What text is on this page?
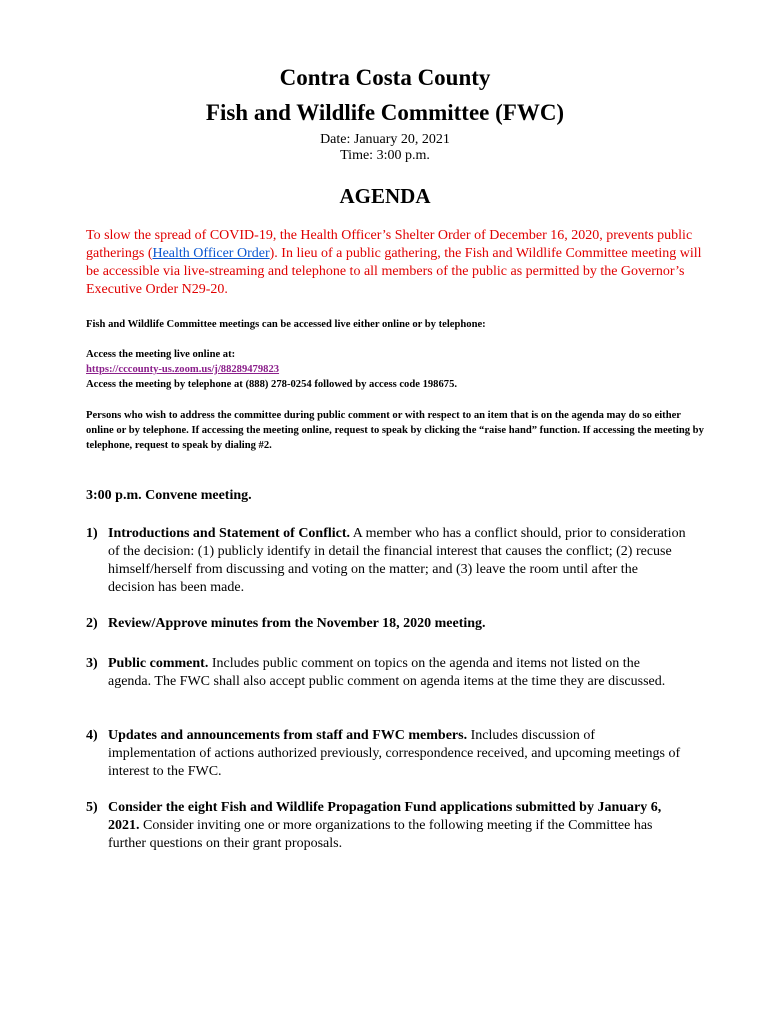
Contra Costa County
Fish and Wildlife Committee (FWC)
Date: January 20, 2021
Time: 3:00 p.m.
AGENDA
To slow the spread of COVID-19, the Health Officer’s Shelter Order of December 16, 2020, prevents public gatherings (Health Officer Order). In lieu of a public gathering, the Fish and Wildlife Committee meeting will be accessible via live-streaming and telephone to all members of the public as permitted by the Governor’s Executive Order N29-20.
Fish and Wildlife Committee meetings can be accessed live either online or by telephone:
Access the meeting live online at:
https://cccounty-us.zoom.us/j/88289479823
Access the meeting by telephone at (888) 278-0254 followed by access code 198675.
Persons who wish to address the committee during public comment or with respect to an item that is on the agenda may do so either online or by telephone. If accessing the meeting online, request to speak by clicking the “raise hand” function. If accessing the meeting by telephone, request to speak by dialing #2.
3:00 p.m. Convene meeting.
1) Introductions and Statement of Conflict. A member who has a conflict should, prior to consideration of the decision: (1) publicly identify in detail the financial interest that causes the conflict; (2) recuse himself/herself from discussing and voting on the matter; and (3) leave the room until after the decision has been made.
2) Review/Approve minutes from the November 18, 2020 meeting.
3) Public comment. Includes public comment on topics on the agenda and items not listed on the agenda. The FWC shall also accept public comment on agenda items at the time they are discussed.
4) Updates and announcements from staff and FWC members. Includes discussion of implementation of actions authorized previously, correspondence received, and upcoming meetings of interest to the FWC.
5) Consider the eight Fish and Wildlife Propagation Fund applications submitted by January 6, 2021. Consider inviting one or more organizations to the following meeting if the Committee has further questions on their grant proposals.
